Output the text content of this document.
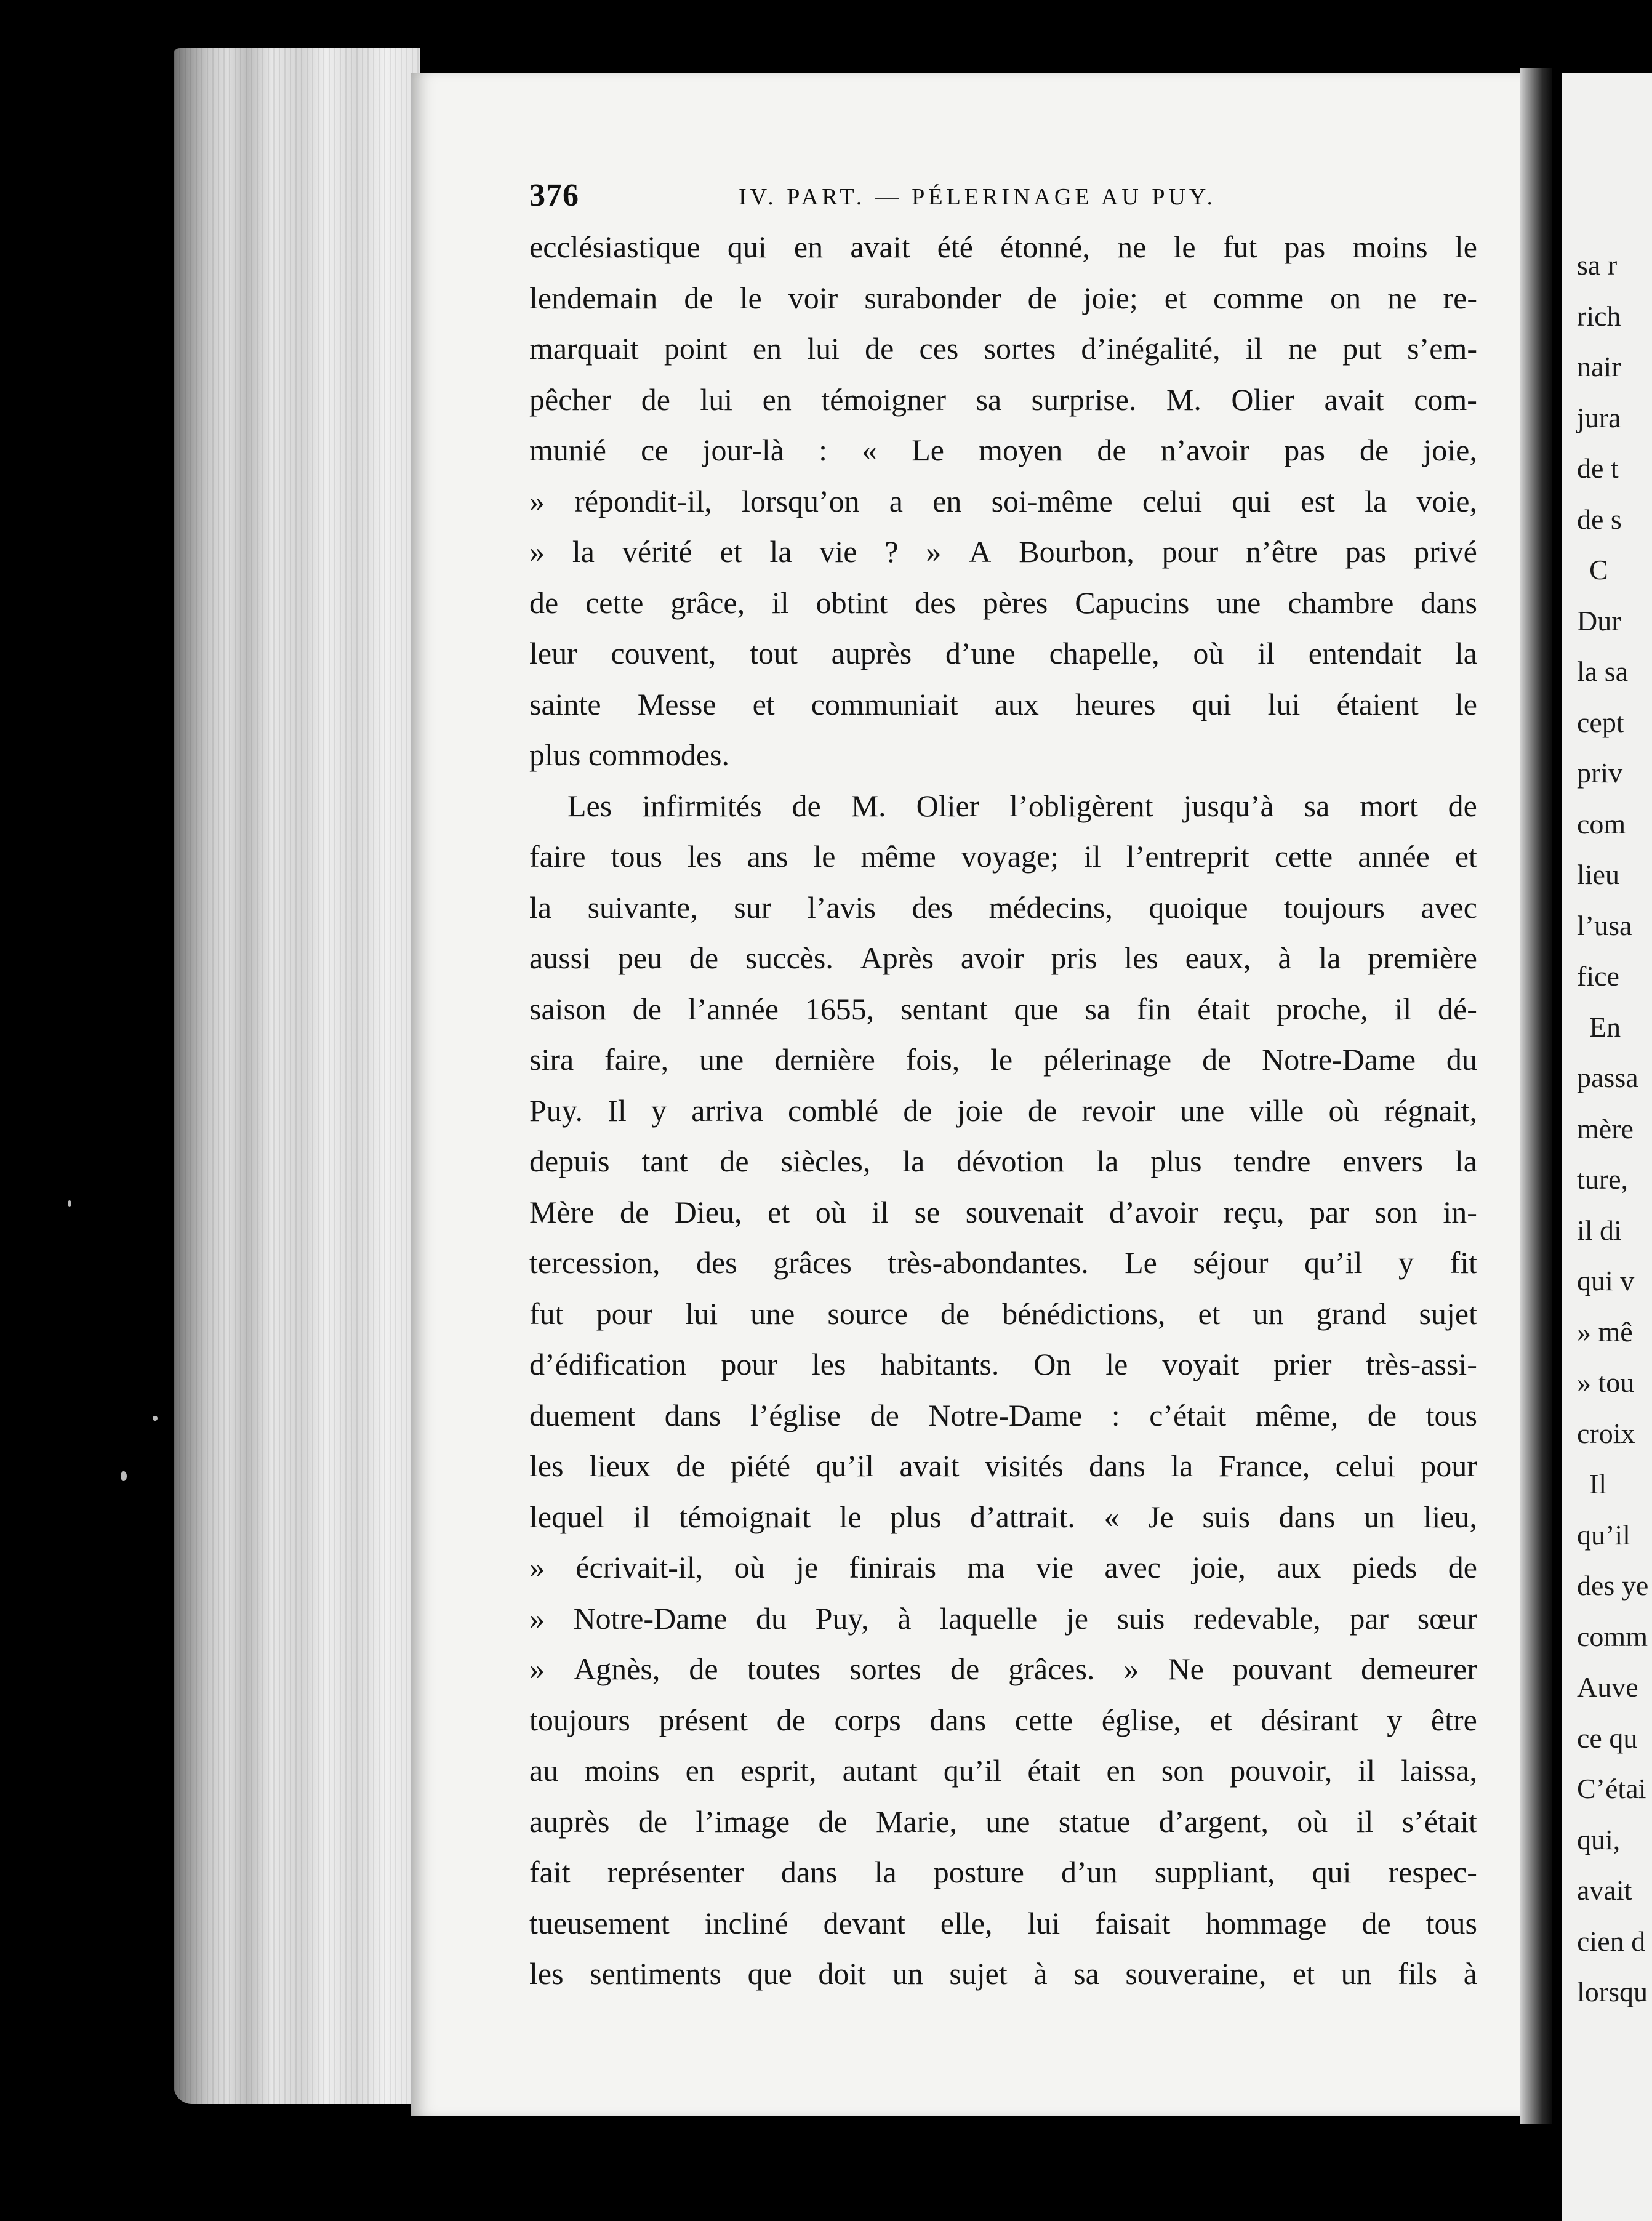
376	IV. PART. — PÉLERINAGE AU PUY.
ecclésiastique qui en avait été étonné, ne le fut pas moins le
lendemain de le voir surabonder de joie; et comme on ne re-
marquait point en lui de ces sortes d’inégalité, il ne put s’em-
pêcher de lui en témoigner sa surprise. M. Olier avait com-
munié ce jour-là : « Le moyen de n’avoir pas de joie,
» répondit-il, lorsqu’on a en soi-même celui qui est la voie,
» la vérité et la vie ? » A Bourbon, pour n’être pas privé
de cette grâce, il obtint des pères Capucins une chambre dans
leur couvent, tout auprès d’une chapelle, où il entendait la
sainte Messe et communiait aux heures qui lui étaient le
plus commodes.
Les infirmités de M. Olier l’obligèrent jusqu’à sa mort de
faire tous les ans le même voyage; il l’entreprit cette année et
la suivante, sur l’avis des médecins, quoique toujours avec
aussi peu de succès. Après avoir pris les eaux, à la première
saison de l’année 1655, sentant que sa fin était proche, il dé-
sira faire, une dernière fois, le pélerinage de Notre-Dame du
Puy. Il y arriva comblé de joie de revoir une ville où régnait,
depuis tant de siècles, la dévotion la plus tendre envers la
Mère de Dieu, et où il se souvenait d’avoir reçu, par son in-
tercession, des grâces très-abondantes. Le séjour qu’il y fit
fut pour lui une source de bénédictions, et un grand sujet
d’édification pour les habitants. On le voyait prier très-assi-
duement dans l’église de Notre-Dame : c’était même, de tous
les lieux de piété qu’il avait visités dans la France, celui pour
lequel il témoignait le plus d’attrait. « Je suis dans un lieu,
» écrivait-il, où je finirais ma vie avec joie, aux pieds de
» Notre-Dame du Puy, à laquelle je suis redevable, par sœur
» Agnès, de toutes sortes de grâces. » Ne pouvant demeurer
toujours présent de corps dans cette église, et désirant y être
au moins en esprit, autant qu’il était en son pouvoir, il laissa,
auprès de l’image de Marie, une statue d’argent, où il s’était
fait représenter dans la posture d’un suppliant, qui respec-
tueusement incliné devant elle, lui faisait hommage de tous
les sentiments que doit un sujet à sa souveraine, et un fils à
sa r
rich
nair
jura
de t
de s
C
Dur
la sa
cept
priv
com
lieu
l’usa
fice
En
passa
mère
ture,
il di
qui v
» mê
» tou
croix
Il
qu’il
des ye
comm
Auve
ce qu
C’étai
qui,
avait
cien d
lorsqu
